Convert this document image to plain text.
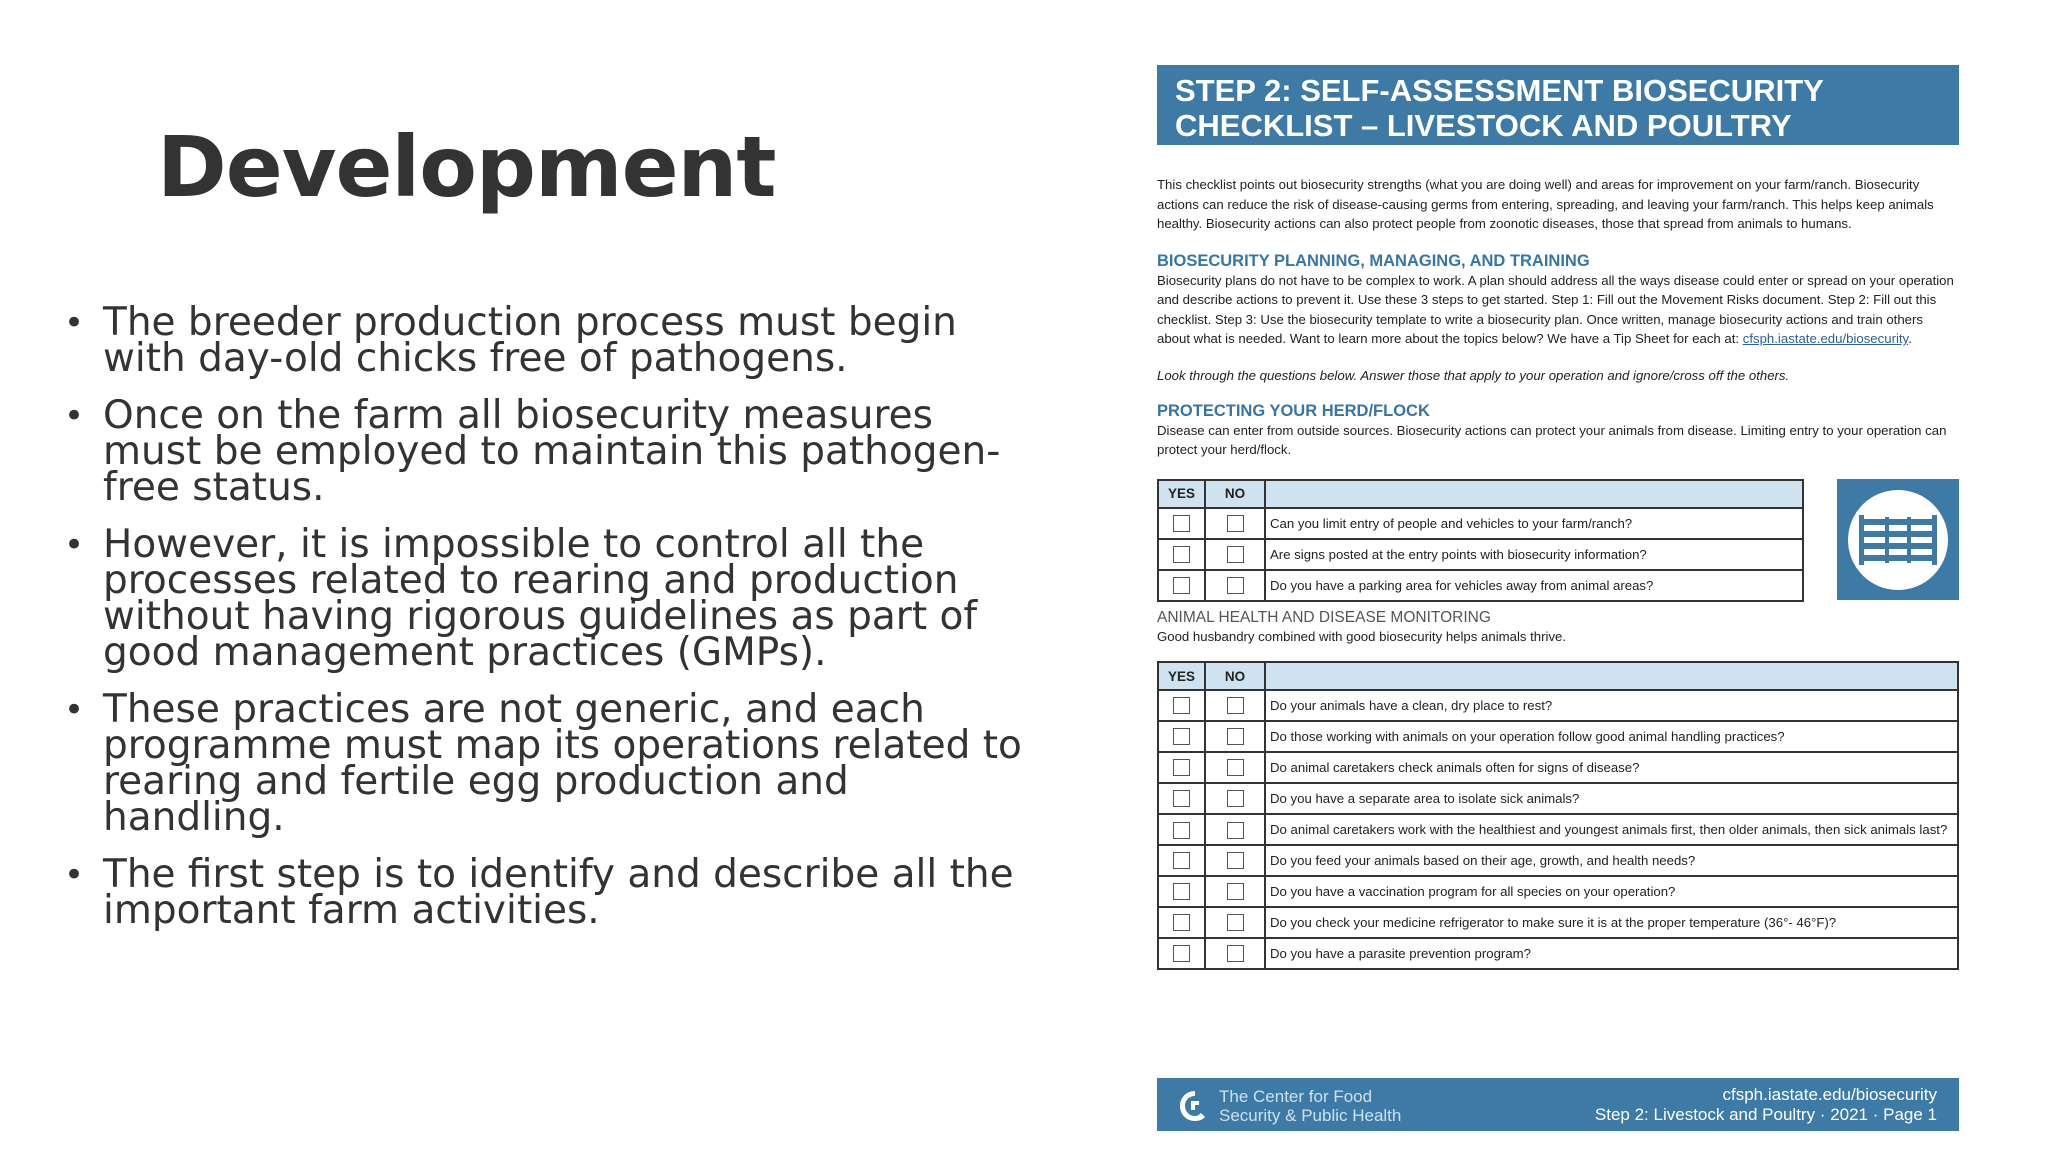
Development
• The breeder production process must begin with day-old chicks free of pathogens.
• Once on the farm all biosecurity measures must be employed to maintain this pathogen-free status.
• However, it is impossible to control all the processes related to rearing and production without having rigorous guidelines as part of good management practices (GMPs).
• These practices are not generic, and each programme must map its operations related to rearing and fertile egg production and handling.
• The first step is to identify and describe all the important farm activities.
STEP 2: SELF-ASSESSMENT BIOSECURITY
CHECKLIST – LIVESTOCK AND POULTRY
This checklist points out biosecurity strengths (what you are doing well) and areas for improvement on your farm/ranch. Biosecurity actions can reduce the risk of disease-causing germs from entering, spreading, and leaving your farm/ranch. This helps keep animals healthy. Biosecurity actions can also protect people from zoonotic diseases, those that spread from animals to humans.
BIOSECURITY PLANNING, MANAGING, AND TRAINING
Biosecurity plans do not have to be complex to work. A plan should address all the ways disease could enter or spread on your operation and describe actions to prevent it. Use these 3 steps to get started. Step 1: Fill out the Movement Risks document. Step 2: Fill out this checklist. Step 3: Use the biosecurity template to write a biosecurity plan. Once written, manage biosecurity actions and train others about what is needed. Want to learn more about the topics below? We have a Tip Sheet for each at: cfsph.iastate.edu/biosecurity.
Look through the questions below. Answer those that apply to your operation and ignore/cross off the others.
PROTECTING YOUR HERD/FLOCK
Disease can enter from outside sources. Biosecurity actions can protect your animals from disease. Limiting entry to your operation can protect your herd/flock.
YES	NO	
		Can you limit entry of people and vehicles to your farm/ranch?
		Are signs posted at the entry points with biosecurity information?
		Do you have a parking area for vehicles away from animal areas?
ANIMAL HEALTH AND DISEASE MONITORING
Good husbandry combined with good biosecurity helps animals thrive.
YES	NO	
		Do your animals have a clean, dry place to rest?
		Do those working with animals on your operation follow good animal handling practices?
		Do animal caretakers check animals often for signs of disease?
		Do you have a separate area to isolate sick animals?
		Do animal caretakers work with the healthiest and youngest animals first, then older animals, then sick animals last?
		Do you feed your animals based on their age, growth, and health needs?
		Do you have a vaccination program for all species on your operation?
		Do you check your medicine refrigerator to make sure it is at the proper temperature (36°- 46°F)?
		Do you have a parasite prevention program?
The Center for Food
Security & Public Health
cfsph.iastate.edu/biosecurity
Step 2: Livestock and Poultry · 2021 · Page 1
